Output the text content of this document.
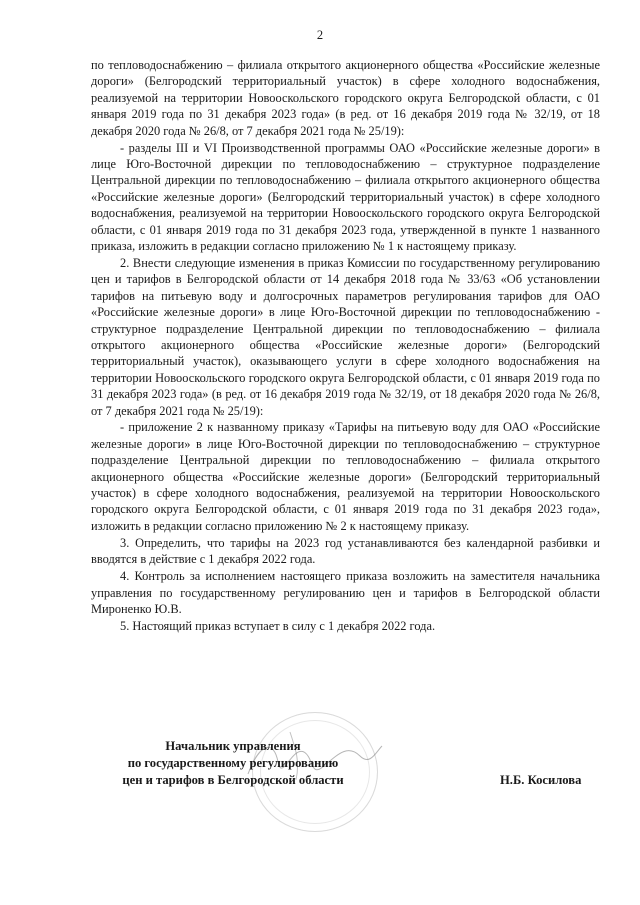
2

по тепловодоснабжению – филиала открытого акционерного общества «Российские железные дороги» (Белгородский территориальный участок) в сфере холодного водоснабжения, реализуемой на территории Новооскольского городского округа Белгородской области, с 01 января 2019 года по 31 декабря 2023 года» (в ред. от 16 декабря 2019 года № 32/19, от 18 декабря 2020 года № 26/8, от 7 декабря 2021 года № 25/19):

- разделы III и VI Производственной программы ОАО «Российские железные дороги» в лице Юго-Восточной дирекции по тепловодоснабжению – структурное подразделение Центральной дирекции по тепловодоснабжению – филиала открытого акционерного общества «Российские железные дороги» (Белгородский территориальный участок) в сфере холодного водоснабжения, реализуемой на территории Новооскольского городского округа Белгородской области, с 01 января 2019 года по 31 декабря 2023 года, утвержденной в пункте 1 названного приказа, изложить в редакции согласно приложению № 1 к настоящему приказу.

2. Внести следующие изменения в приказ Комиссии по государственному регулированию цен и тарифов в Белгородской области от 14 декабря 2018 года № 33/63 «Об установлении тарифов на питьевую воду и долгосрочных параметров регулирования тарифов для ОАО «Российские железные дороги» в лице Юго-Восточной дирекции по тепловодоснабжению - структурное подразделение Центральной дирекции по тепловодоснабжению – филиала открытого акционерного общества «Российские железные дороги» (Белгородский территориальный участок), оказывающего услуги в сфере холодного водоснабжения на территории Новооскольского городского округа Белгородской области, с 01 января 2019 года по 31 декабря 2023 года» (в ред. от 16 декабря 2019 года № 32/19, от 18 декабря 2020 года № 26/8, от 7 декабря 2021 года № 25/19):

- приложение 2 к названному приказу «Тарифы на питьевую воду для ОАО «Российские железные дороги» в лице Юго-Восточной дирекции по тепловодоснабжению – структурное подразделение Центральной дирекции по тепловодоснабжению – филиала открытого акционерного общества «Российские железные дороги» (Белгородский территориальный участок) в сфере холодного водоснабжения, реализуемой на территории Новооскольского городского округа Белгородской области, с 01 января 2019 года по 31 декабря 2023 года», изложить в редакции согласно приложению № 2 к настоящему приказу.

3. Определить, что тарифы на 2023 год устанавливаются без календарной разбивки и вводятся в действие с 1 декабря 2022 года.

4. Контроль за исполнением настоящего приказа возложить на заместителя начальника управления по государственному регулированию цен и тарифов в Белгородской области Мироненко Ю.В.

5. Настоящий приказ вступает в силу с 1 декабря 2022 года.

Начальник управления
по государственному регулированию
цен и тарифов в Белгородской области	Н.Б. Косилова
